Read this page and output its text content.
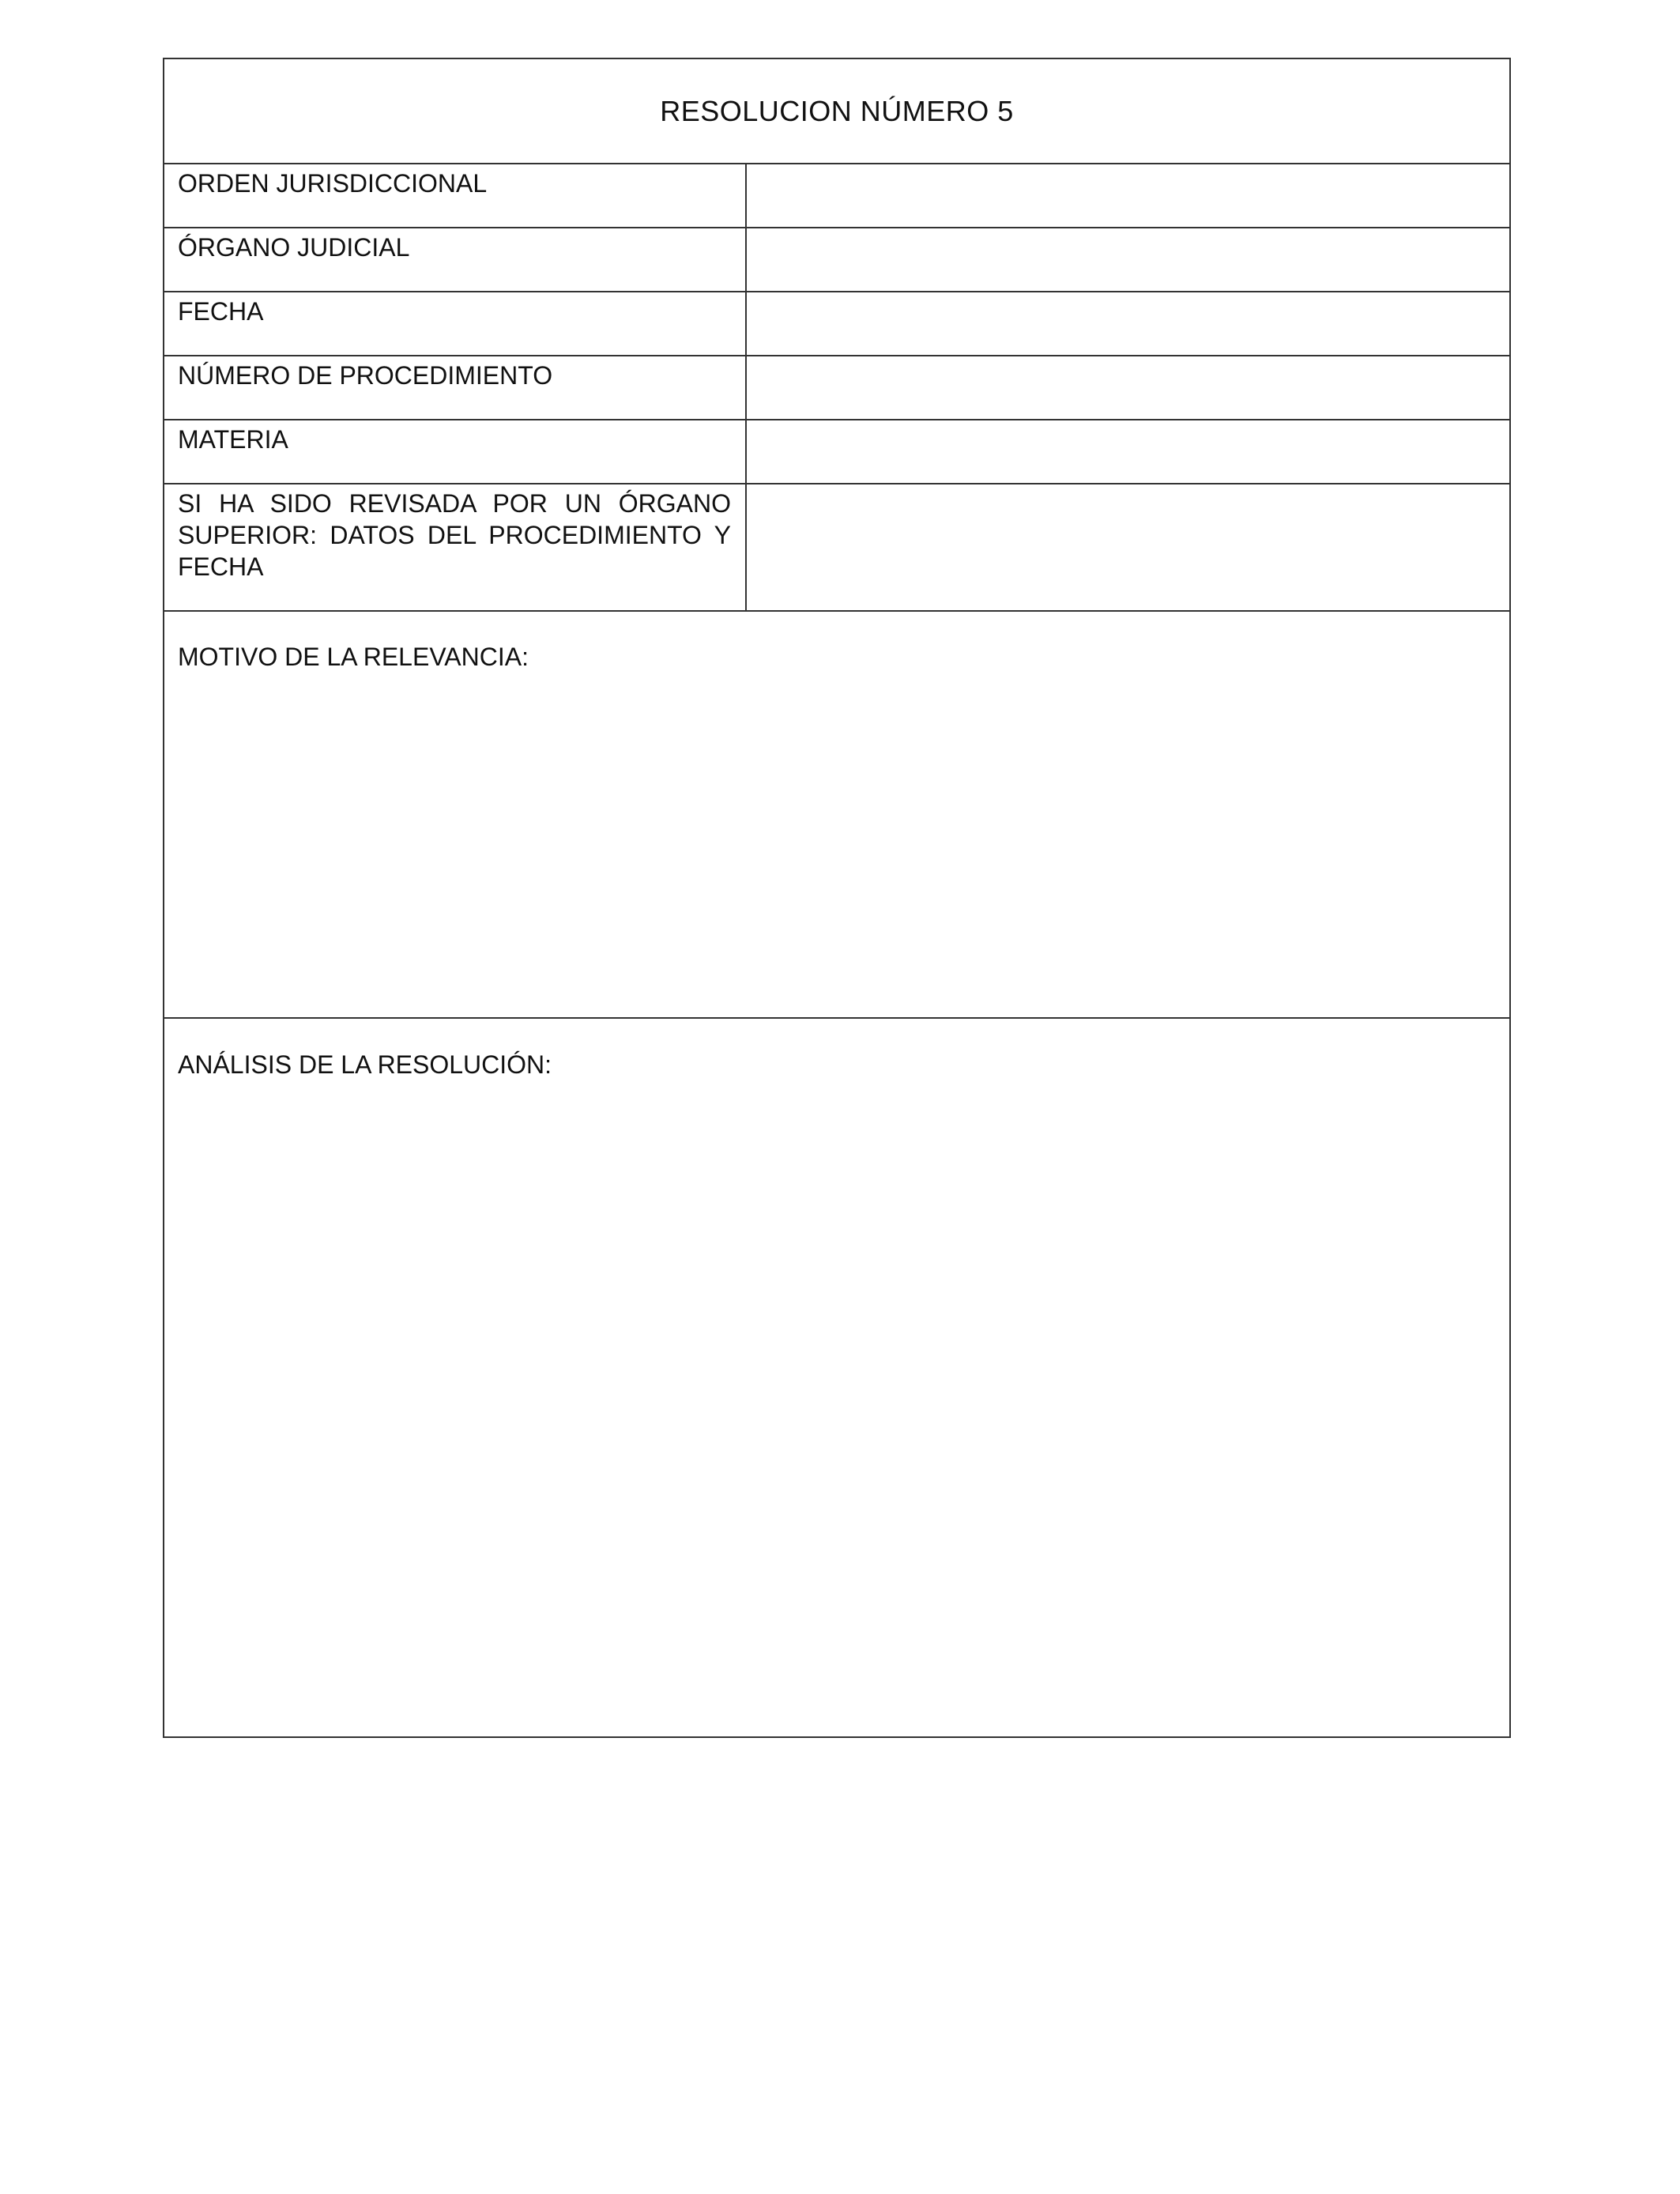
RESOLUCION NÚMERO 5
ORDEN JURISDICCIONAL
ÓRGANO JUDICIAL
FECHA
NÚMERO DE PROCEDIMIENTO
MATERIA
SI HA SIDO REVISADA POR UN ÓRGANO SUPERIOR: DATOS DEL PROCEDIMIENTO Y FECHA
MOTIVO DE LA RELEVANCIA:
ANÁLISIS DE LA RESOLUCIÓN:
